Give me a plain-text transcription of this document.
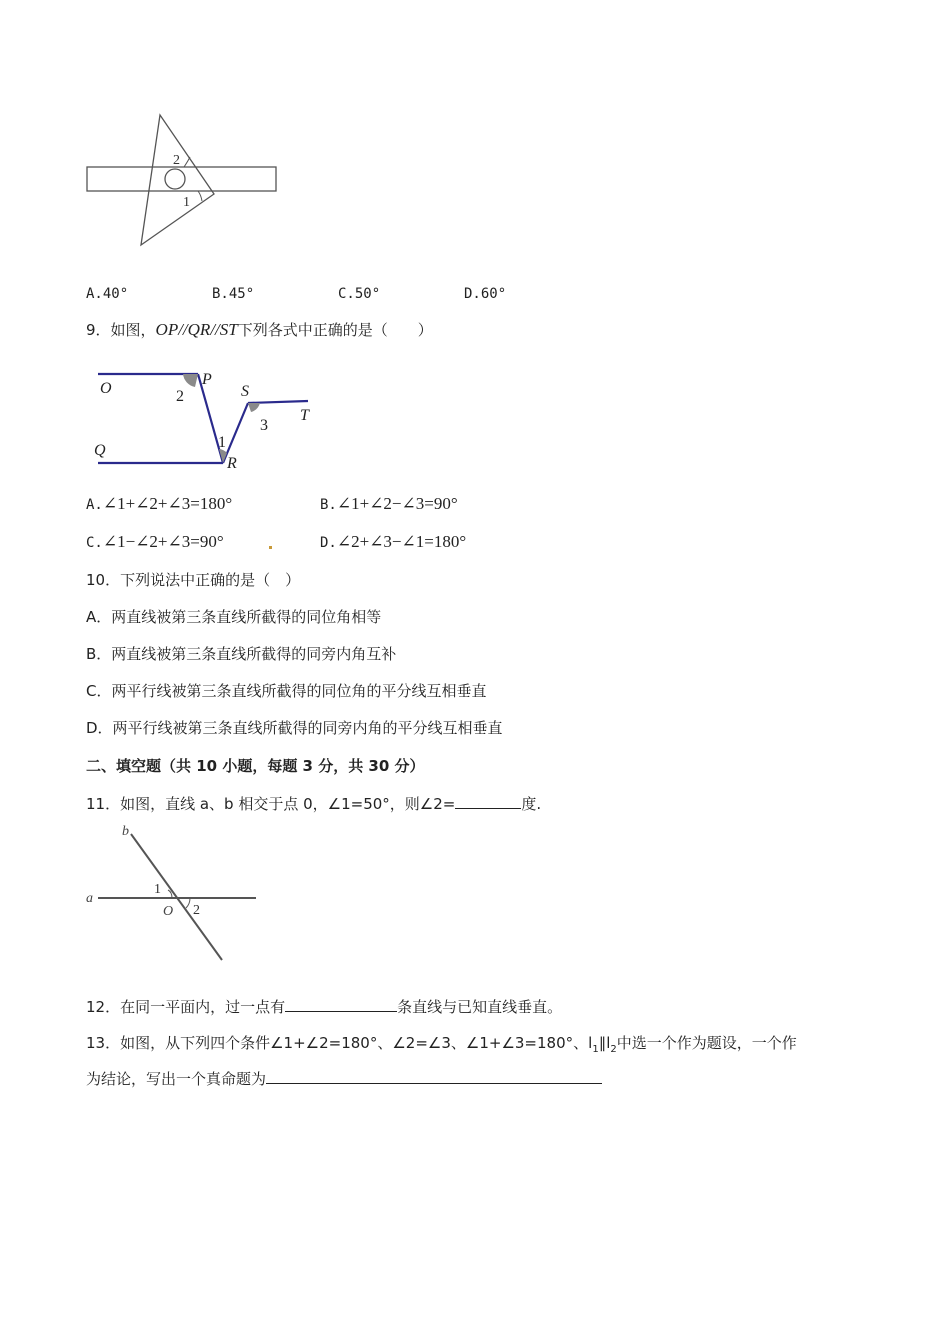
2
1
A.40°	B.45°	C.50°	D.60°
9．如图，OP//QR//ST下列各式中正确的是（　　）
O
P
2	S
T
3
1
Q
R
A.∠1+∠2+∠3=180°	B.∠1+∠2−∠3=90°
C.∠1−∠2+∠3=90°	D.∠2+∠3−∠1=180°
10．下列说法中正确的是（　）
A．两直线被第三条直线所截得的同位角相等
B．两直线被第三条直线所截得的同旁内角互补
C．两平行线被第三条直线所截得的同位角的平分线互相垂直
D．两平行线被第三条直线所截得的同旁内角的平分线互相垂直
二、填空题（共 10 小题，每题 3 分，共 30 分）
11．如图，直线 a、b 相交于点 0，∠1=50°，则∠2=	度.
b
a
1
O 2
12．在同一平面内，过一点有	条直线与已知直线垂直。
13．如图，从下列四个条件∠1+∠2=180°、∠2=∠3、∠1+∠3=180°、$l_1\parallel l_2$中选一个作为题设，一个作
为结论，写出一个真命题为
